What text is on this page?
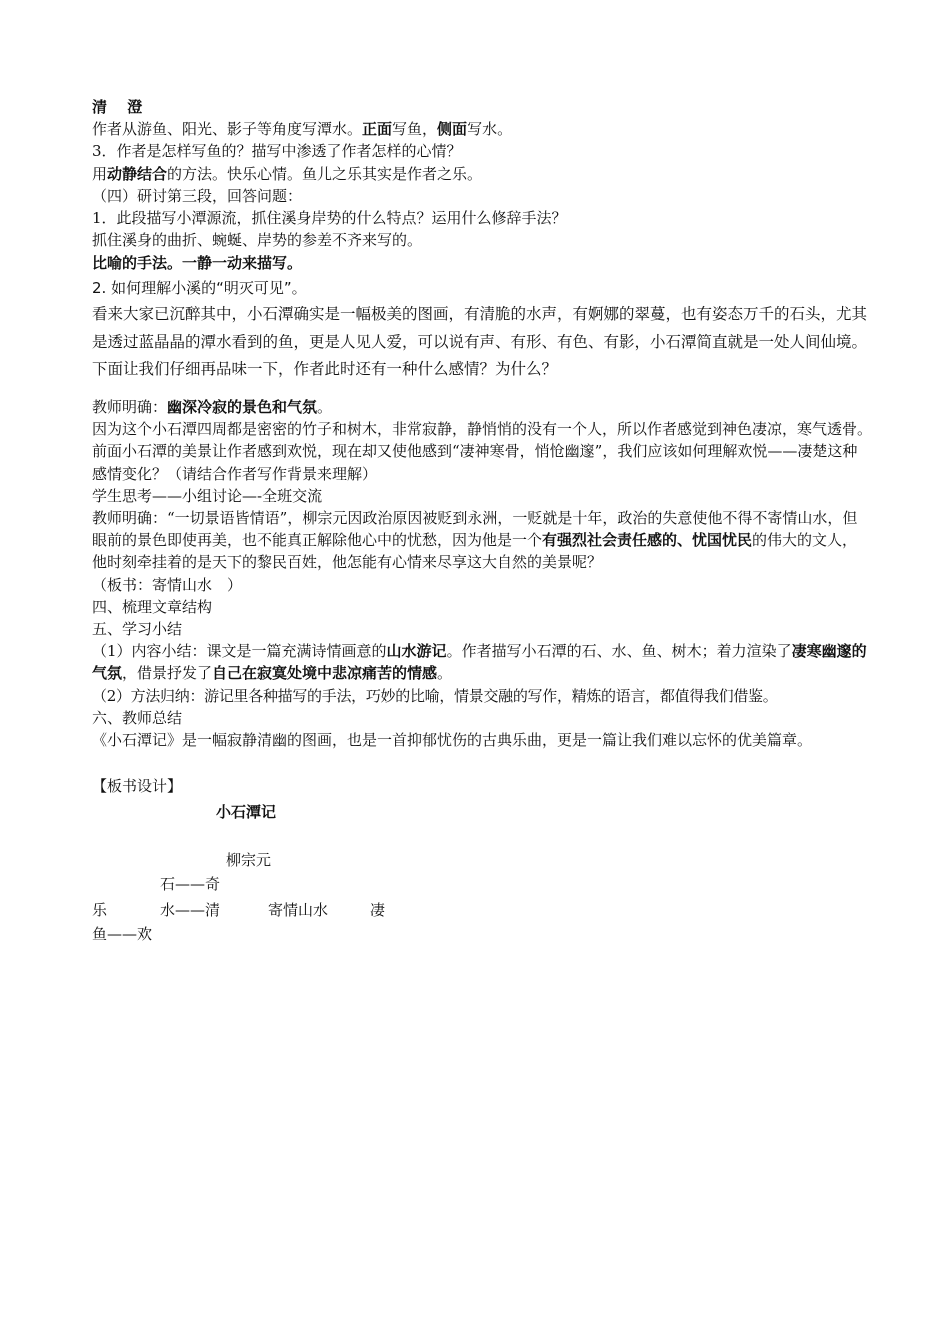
清　 澄

作者从游鱼、阳光、影子等角度写潭水。正面写鱼，侧面写水。

3．作者是怎样写鱼的？描写中渗透了作者怎样的心情？

用动静结合的方法。快乐心情。鱼儿之乐其实是作者之乐。

（四）研讨第三段，回答问题：

1．此段描写小潭源流，抓住溪身岸势的什么特点？运用什么修辞手法？

抓住溪身的曲折、蜿蜒、岸势的参差不齐来写的。

比喻的手法。一静一动来描写。

2. 如何理解小溪的“明灭可见”。

看来大家已沉醉其中，小石潭确实是一幅极美的图画，有清脆的水声，有婀娜的翠蔓，也有姿态万千的石头，尤其是透过蓝晶晶的潭水看到的鱼，更是人见人爱，可以说有声、有形、有色、有影，小石潭简直就是一处人间仙境。下面让我们仔细再品味一下，作者此时还有一种什么感情？为什么？

教师明确：幽深冷寂的景色和气氛。

因为这个小石潭四周都是密密的竹子和树木，非常寂静，静悄悄的没有一个人，所以作者感觉到神色凄凉，寒气透骨。

前面小石潭的美景让作者感到欢悦，现在却又使他感到“凄神寒骨，悄怆幽邃”，我们应该如何理解欢悦——凄楚这种感情变化？（请结合作者写作背景来理解）

学生思考——小组讨论—-全班交流

教师明确：“一切景语皆情语”，柳宗元因政治原因被贬到永洲，一贬就是十年，政治的失意使他不得不寄情山水，但眼前的景色即使再美，也不能真正解除他心中的忧愁，因为他是一个有强烈社会责任感的、忧国忧民的伟大的文人，他时刻牵挂着的是天下的黎民百姓，他怎能有心情来尽享这大自然的美景呢？

（板书：寄情山水　）

四、梳理文章结构

五、学习小结

（1）内容小结：课文是一篇充满诗情画意的山水游记。作者描写小石潭的石、水、鱼、树木；着力渲染了凄寒幽邃的气氛，借景抒发了自己在寂寞处境中悲凉痛苦的情感。

（2）方法归纳：游记里各种描写的手法，巧妙的比喻，情景交融的写作，精炼的语言，都值得我们借鉴。

六、教师总结

《小石潭记》是一幅寂静清幽的图画，也是一首抑郁忧伤的古典乐曲，更是一篇让我们难以忘怀的优美篇章。

【板书设计】

小石潭记
柳宗元
石——奇
乐	水——清	寄情山水	凄
鱼——欢
